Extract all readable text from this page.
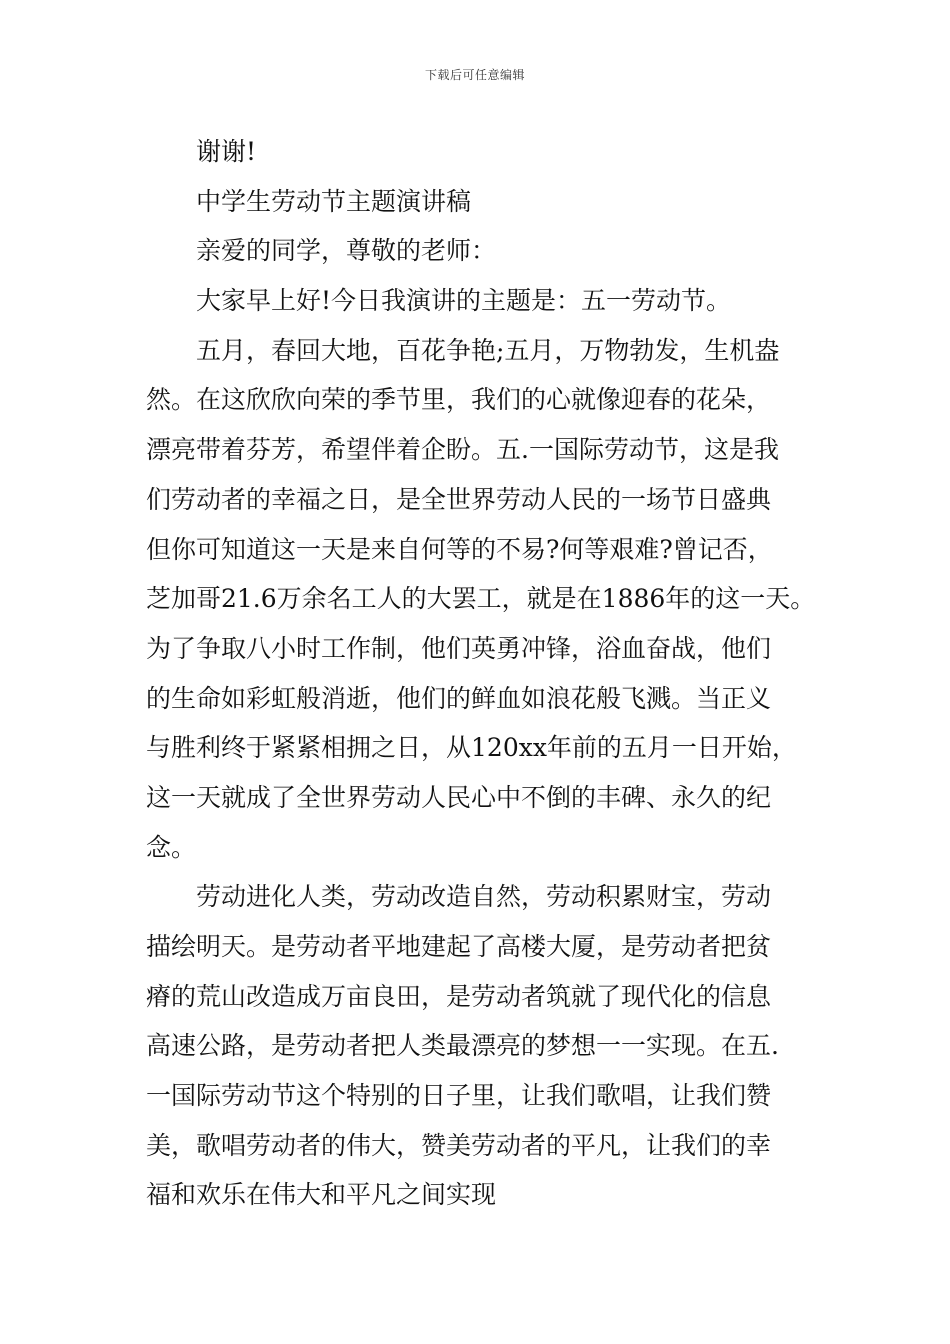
下载后可任意编辑
谢谢!
中学生劳动节主题演讲稿
亲爱的同学，尊敬的老师：
大家早上好!今日我演讲的主题是：五一劳动节。
五月，春回大地，百花争艳;五月，万物勃发，生机盎
然。在这欣欣向荣的季节里，我们的心就像迎春的花朵，
漂亮带着芬芳，希望伴着企盼。五.一国际劳动节，这是我
们劳动者的幸福之日，是全世界劳动人民的一场节日盛典
但你可知道这一天是来自何等的不易?何等艰难?曾记否，
芝加哥21.6万余名工人的大罢工，就是在1886年的这一天。
为了争取八小时工作制，他们英勇冲锋，浴血奋战，他们
的生命如彩虹般消逝，他们的鲜血如浪花般飞溅。当正义
与胜利终于紧紧相拥之日，从120xx年前的五月一日开始，
这一天就成了全世界劳动人民心中不倒的丰碑、永久的纪
念。
劳动进化人类，劳动改造自然，劳动积累财宝，劳动
描绘明天。是劳动者平地建起了高楼大厦，是劳动者把贫
瘠的荒山改造成万亩良田，是劳动者筑就了现代化的信息
高速公路，是劳动者把人类最漂亮的梦想一一实现。在五.
一国际劳动节这个特别的日子里，让我们歌唱，让我们赞
美，歌唱劳动者的伟大，赞美劳动者的平凡，让我们的幸
福和欢乐在伟大和平凡之间实现
